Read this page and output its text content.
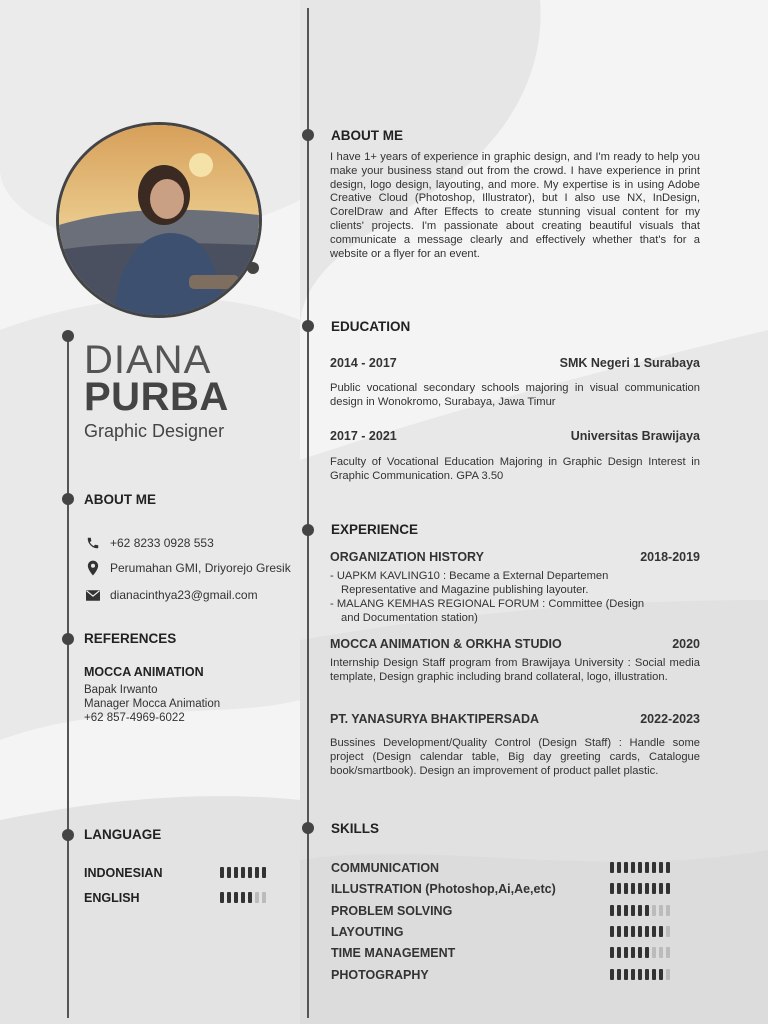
DIANA
PURBA
Graphic Designer
ABOUT ME
+62 8233 0928 553
Perumahan GMI, Driyorejo Gresik
dianacinthya23@gmail.com
REFERENCES
MOCCA ANIMATION
Bapak Irwanto
Manager Mocca Animation
+62 857-4969-6022
LANGUAGE
INDONESIAN
ENGLISH
ABOUT ME
I have 1+ years of experience in graphic design, and I'm ready to help you make your business stand out from the crowd. I have experience in print design, logo design, layouting, and more. My expertise is in using Adobe Creative Cloud (Photoshop, Illustrator), but I also use NX, InDesign, CorelDraw and After Effects to create stunning visual content for my clients' projects. I'm passionate about creating beautiful visuals that communicate a message clearly and effectively whether that's for a website or a flyer for an event.
EDUCATION
2014 - 2017	SMK Negeri 1 Surabaya
Public vocational secondary schools majoring in visual communication design in Wonokromo, Surabaya, Jawa Timur
2017 - 2021	Universitas Brawijaya
Faculty of Vocational Education Majoring in Graphic Design Interest in Graphic Communication. GPA 3.50
EXPERIENCE
ORGANIZATION HISTORY	2018-2019
- UAPKM KAVLING10 : Became a External Departemen
Representative and Magazine publishing layouter.
- MALANG KEMHAS REGIONAL FORUM : Committee (Design
and Documentation station)
MOCCA ANIMATION & ORKHA STUDIO	2020
Internship Design Staff program from Brawijaya University : Social media template, Design graphic including brand collateral, logo, illustration.
PT. YANASURYA BHAKTIPERSADA	2022-2023
Bussines Development/Quality Control (Design Staff) : Handle some project (Design calendar table, Big day greeting cards, Catalogue book/smartbook). Design an improvement of product pallet plastic.
SKILLS
COMMUNICATION
ILLUSTRATION (Photoshop,Ai,Ae,etc)
PROBLEM SOLVING
LAYOUTING
TIME MANAGEMENT
PHOTOGRAPHY
